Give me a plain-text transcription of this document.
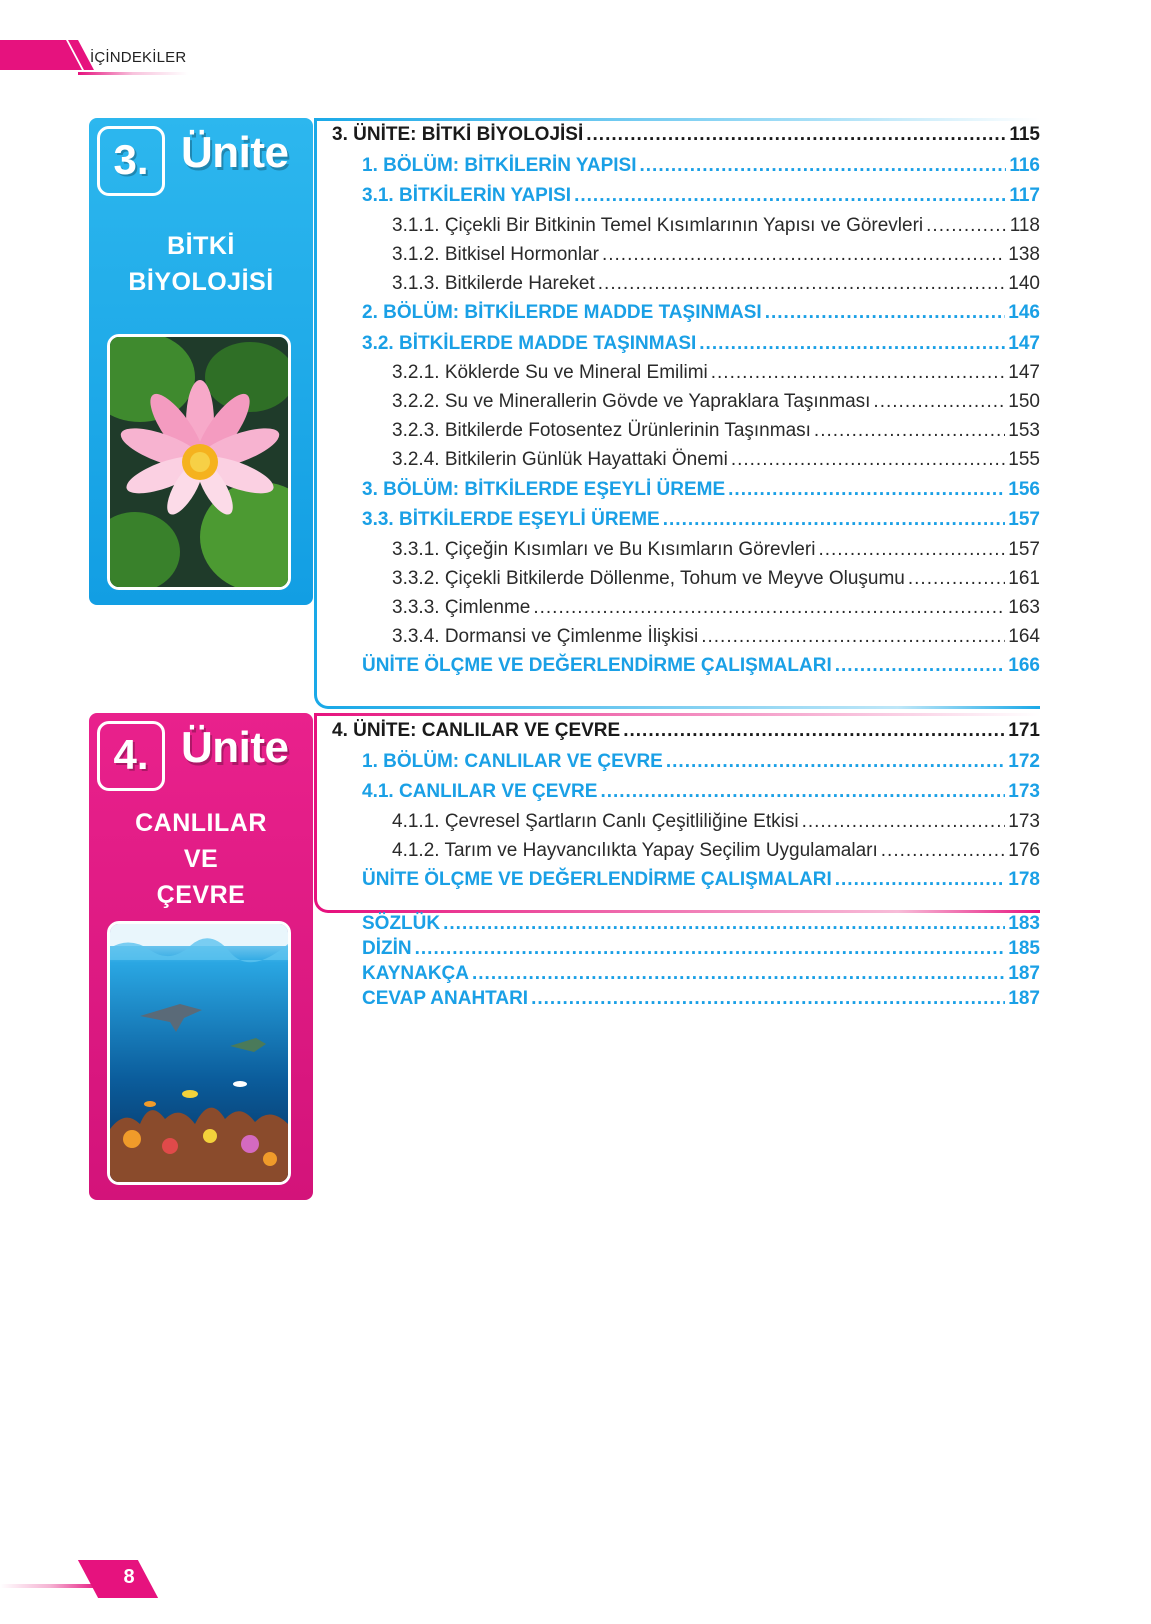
İÇİNDEKİLER
3. Ünite
BİTKİ
BİYOLOJİSİ
4. Ünite
CANLILAR
VE
ÇEVRE
3. ÜNİTE: BİTKİ BİYOLOJİSİ .....	115
1. BÖLÜM: BİTKİLERİN YAPISI .....	116
3.1. BİTKİLERİN YAPISI .....	117
3.1.1. Çiçekli Bir Bitkinin Temel Kısımlarının Yapısı ve Görevleri .....	118
3.1.2. Bitkisel Hormonlar .....	138
3.1.3. Bitkilerde Hareket .....	140
2. BÖLÜM: BİTKİLERDE MADDE TAŞINMASI .....	146
3.2. BİTKİLERDE MADDE TAŞINMASI .....	147
3.2.1. Köklerde Su ve Mineral Emilimi .....	147
3.2.2. Su ve Minerallerin Gövde ve Yapraklara Taşınması .....	150
3.2.3. Bitkilerde Fotosentez Ürünlerinin Taşınması .....	153
3.2.4. Bitkilerin Günlük Hayattaki Önemi .....	155
3. BÖLÜM: BİTKİLERDE EŞEYLİ ÜREME .....	156
3.3. BİTKİLERDE EŞEYLİ ÜREME .....	157
3.3.1. Çiçeğin Kısımları ve Bu Kısımların Görevleri .....	157
3.3.2. Çiçekli Bitkilerde Döllenme, Tohum ve Meyve Oluşumu .....	161
3.3.3. Çimlenme .....	163
3.3.4. Dormansi ve Çimlenme İlişkisi .....	164
ÜNİTE ÖLÇME VE DEĞERLENDİRME ÇALIŞMALARI .....	166
4. ÜNİTE: CANLILAR VE ÇEVRE .....	171
1. BÖLÜM: CANLILAR VE ÇEVRE .....	172
4.1. CANLILAR VE ÇEVRE .....	173
4.1.1. Çevresel Şartların Canlı Çeşitliliğine Etkisi .....	173
4.1.2. Tarım ve Hayvancılıkta Yapay Seçilim Uygulamaları .....	176
ÜNİTE ÖLÇME VE DEĞERLENDİRME ÇALIŞMALARI .....	178
SÖZLÜK .....	183
DİZİN .....	185
KAYNAKÇA .....	187
CEVAP ANAHTARI .....	187
8
